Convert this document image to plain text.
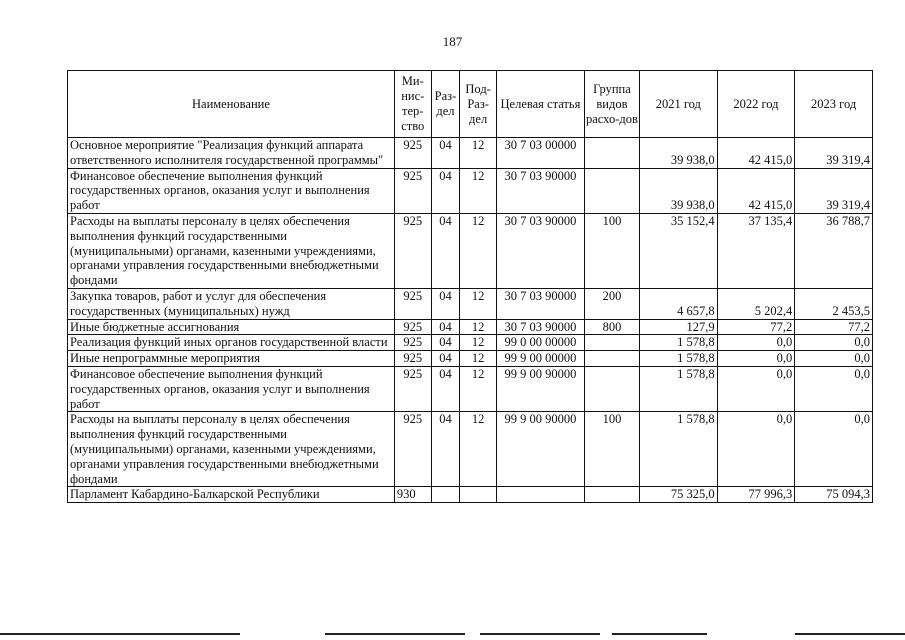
187
Наименование	Ми-нис-тер-ство	Раз-дел	Под-Раз-дел	Целевая статья	Группа видов расхо-дов	2021 год	2022 год	2023 год
Основное мероприятие "Реализация функций аппарата ответственного исполнителя государственной программы"	925	04	12	30 7 03 00000		39 938,0	42 415,0	39 319,4
Финансовое обеспечение выполнения функций государственных органов, оказания услуг и выполнения работ	925	04	12	30 7 03 90000		39 938,0	42 415,0	39 319,4
Расходы на выплаты персоналу в целях обеспечения выполнения функций государственными (муниципальными) органами, казенными учреждениями, органами управления государственными внебюджетными фондами	925	04	12	30 7 03 90000	100	35 152,4	37 135,4	36 788,7
Закупка товаров, работ и услуг для обеспечения государственных (муниципальных) нужд	925	04	12	30 7 03 90000	200	4 657,8	5 202,4	2 453,5
Иные бюджетные ассигнования	925	04	12	30 7 03 90000	800	127,9	77,2	77,2
Реализация функций иных органов государственной власти	925	04	12	99 0 00 00000		1 578,8	0,0	0,0
Иные непрограммные мероприятия	925	04	12	99 9 00 00000		1 578,8	0,0	0,0
Финансовое обеспечение выполнения функций государственных органов, оказания услуг и выполнения работ	925	04	12	99 9 00 90000		1 578,8	0,0	0,0
Расходы на выплаты персоналу в целях обеспечения выполнения функций государственными (муниципальными) органами, казенными учреждениями, органами управления государственными внебюджетными фондами	925	04	12	99 9 00 90000	100	1 578,8	0,0	0,0
Парламент Кабардино-Балкарской Республики	930					75 325,0	77 996,3	75 094,3
